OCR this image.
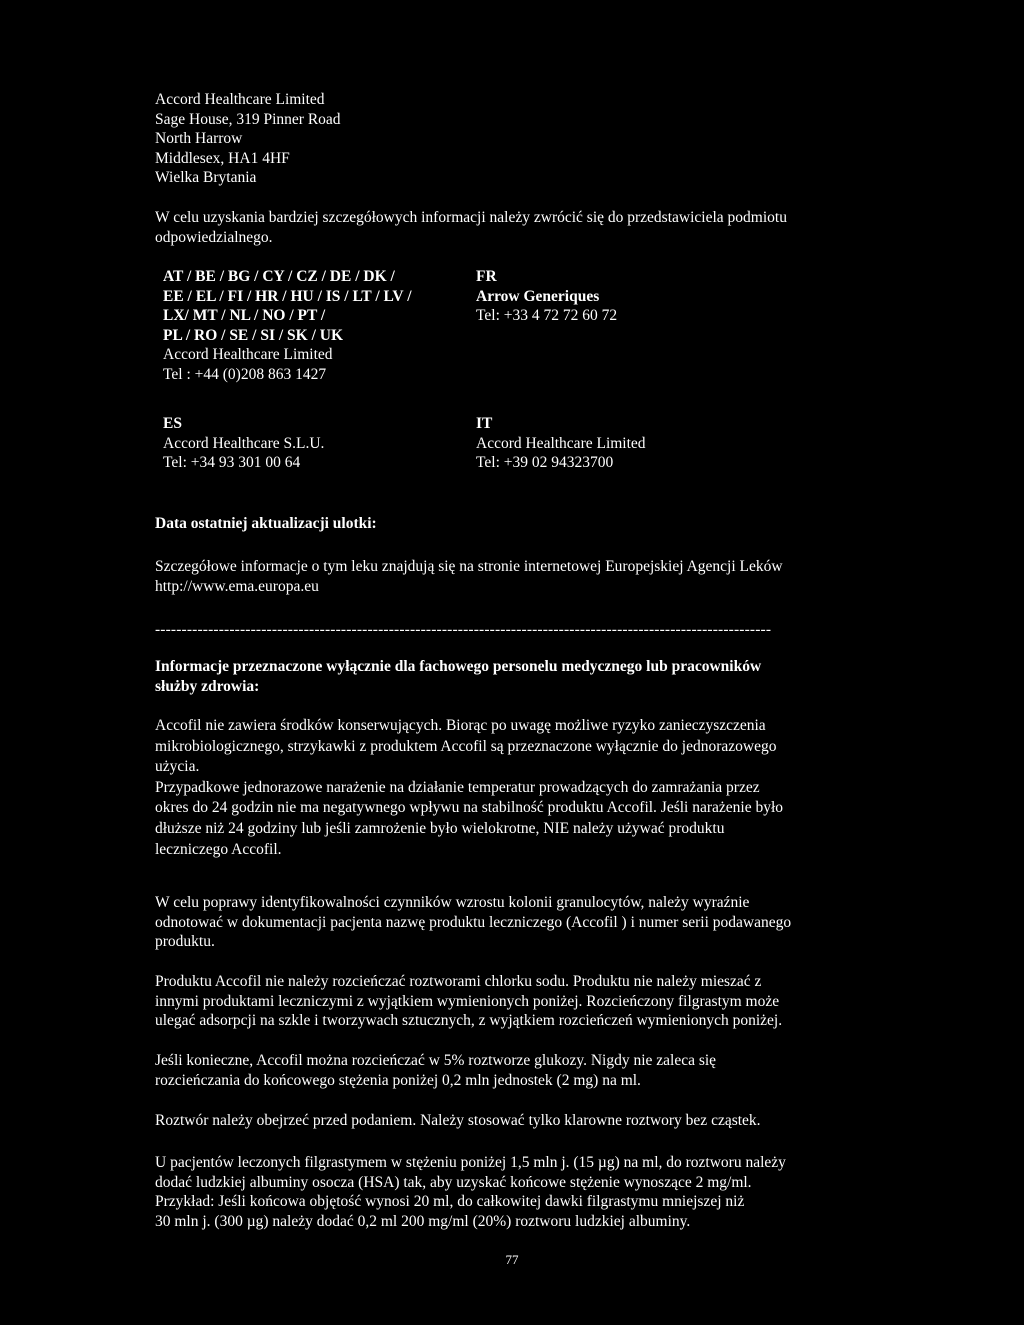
Accord Healthcare Limited
Sage House, 319 Pinner Road
North Harrow
Middlesex, HA1 4HF
Wielka Brytania
W celu uzyskania bardziej szczegółowych informacji należy zwrócić się do przedstawiciela podmiotu
odpowiedzialnego.
AT / BE / BG / CY / CZ / DE / DK /
EE / EL / FI / HR / HU / IS / LT / LV /
LX/ MT / NL / NO / PT /
PL / RO / SE / SI / SK / UK
Accord Healthcare Limited
Tel : +44 (0)208 863 1427
FR
Arrow Generiques
Tel: +33 4 72 72 60 72
ES
Accord Healthcare S.L.U.
Tel: +34 93 301 00 64
IT
Accord Healthcare Limited
Tel: +39 02 94323700
Data ostatniej aktualizacji ulotki:
Szczegółowe informacje o tym leku znajdują się na stronie internetowej Europejskiej Agencji Leków
http://www.ema.europa.eu
--------------------------------------------------------------------------------------------------------------------
Informacje przeznaczone wyłącznie dla fachowego personelu medycznego lub pracowników
służby zdrowia:
Accofil nie zawiera środków konserwujących. Biorąc po uwagę możliwe ryzyko zanieczyszczenia
mikrobiologicznego, strzykawki z produktem Accofil są przeznaczone wyłącznie do jednorazowego
użycia.
Przypadkowe jednorazowe narażenie na działanie temperatur prowadzących do zamrażania przez
okres do 24 godzin nie ma negatywnego wpływu na stabilność produktu Accofil. Jeśli narażenie było
dłuższe niż 24 godziny lub jeśli zamrożenie było wielokrotne, NIE należy używać produktu
leczniczego Accofil.
W celu poprawy identyfikowalności czynników wzrostu kolonii granulocytów, należy wyraźnie
odnotować w dokumentacji pacjenta nazwę produktu leczniczego (Accofil ) i numer serii podawanego
produktu.
Produktu Accofil nie należy rozcieńczać roztworami chlorku sodu. Produktu nie należy mieszać z
innymi produktami leczniczymi z wyjątkiem wymienionych poniżej. Rozcieńczony filgrastym może
ulegać adsorpcji na szkle i tworzywach sztucznych, z wyjątkiem rozcieńczeń wymienionych poniżej.
Jeśli konieczne, Accofil można rozcieńczać w 5% roztworze glukozy. Nigdy nie zaleca się
rozcieńczania do końcowego stężenia poniżej 0,2 mln jednostek (2 mg) na ml.
Roztwór należy obejrzeć przed podaniem. Należy stosować tylko klarowne roztwory bez cząstek.
U pacjentów leczonych filgrastymem w stężeniu poniżej 1,5 mln j. (15 µg) na ml, do roztworu należy
dodać ludzkiej albuminy osocza (HSA) tak, aby uzyskać końcowe stężenie wynoszące 2 mg/ml.
Przykład: Jeśli końcowa objętość wynosi 20 ml, do całkowitej dawki filgrastymu mniejszej niż
30 mln j. (300 µg) należy dodać 0,2 ml 200 mg/ml (20%) roztworu ludzkiej albuminy.
77
